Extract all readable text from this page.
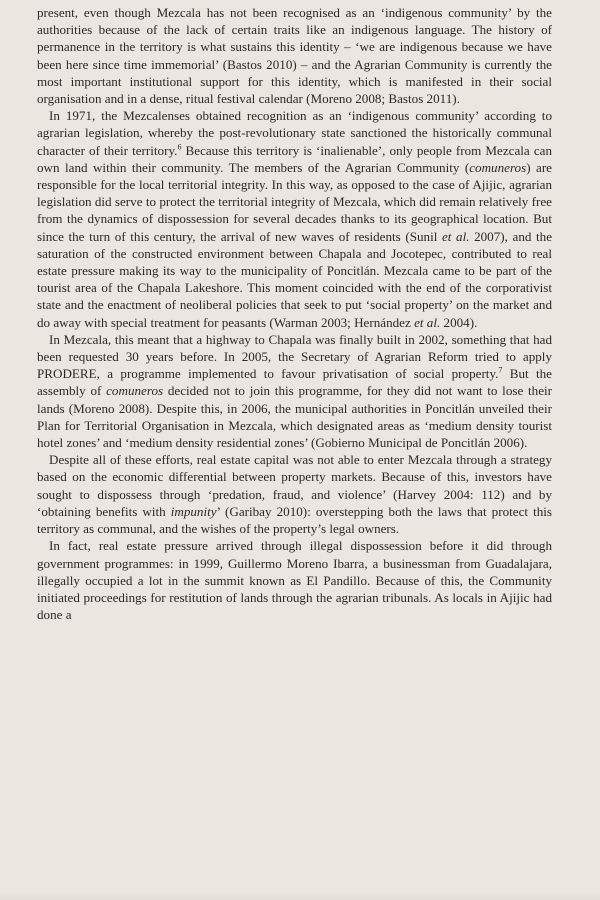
present, even though Mezcala has not been recognised as an ‘indigenous community’ by the authorities because of the lack of certain traits like an indigenous language. The history of permanence in the territory is what sustains this identity – ‘we are indigenous because we have been here since time immemorial’ (Bastos 2010) – and the Agrarian Community is currently the most important institutional support for this identity, which is manifested in their social organisation and in a dense, ritual festival calendar (Moreno 2008; Bastos 2011).

In 1971, the Mezcalenses obtained recognition as an ‘indigenous community’ according to agrarian legislation, whereby the post-revolutionary state sanctioned the historically communal character of their territory.$^6$ Because this territory is ‘inalienable’, only people from Mezcala can own land within their community. The members of the Agrarian Community (comuneros) are responsible for the local territorial integrity. In this way, as opposed to the case of Ajijic, agrarian legislation did serve to protect the territorial integrity of Mezcala, which did remain relatively free from the dynamics of dispossession for several decades thanks to its geographical location. But since the turn of this century, the arrival of new waves of residents (Sunil et al. 2007), and the saturation of the constructed environment between Chapala and Jocotepec, contributed to real estate pressure making its way to the municipality of Poncitlán. Mezcala came to be part of the tourist area of the Chapala Lakeshore. This moment coincided with the end of the corporativist state and the enactment of neoliberal policies that seek to put ‘social property’ on the market and do away with special treatment for peasants (Warman 2003; Hernández et al. 2004).

In Mezcala, this meant that a highway to Chapala was finally built in 2002, something that had been requested 30 years before. In 2005, the Secretary of Agrarian Reform tried to apply PRODERE, a programme implemented to favour privatisation of social property.$^7$ But the assembly of comuneros decided not to join this programme, for they did not want to lose their lands (Moreno 2008). Despite this, in 2006, the municipal authorities in Poncitlán unveiled their Plan for Territorial Organisation in Mezcala, which designated areas as ‘medium density tourist hotel zones’ and ‘medium density residential zones’ (Gobierno Municipal de Poncitlán 2006).

Despite all of these efforts, real estate capital was not able to enter Mezcala through a strategy based on the economic differential between property markets. Because of this, investors have sought to dispossess through ‘predation, fraud, and violence’ (Harvey 2004: 112) and by ‘obtaining benefits with impunity’ (Garibay 2010): overstepping both the laws that protect this territory as communal, and the wishes of the property’s legal owners.

In fact, real estate pressure arrived through illegal dispossession before it did through government programmes: in 1999, Guillermo Moreno Ibarra, a businessman from Guadalajara, illegally occupied a lot in the summit known as El Pandillo. Because of this, the Community initiated proceedings for restitution of lands through the agrarian tribunals. As locals in Ajijic had done a
